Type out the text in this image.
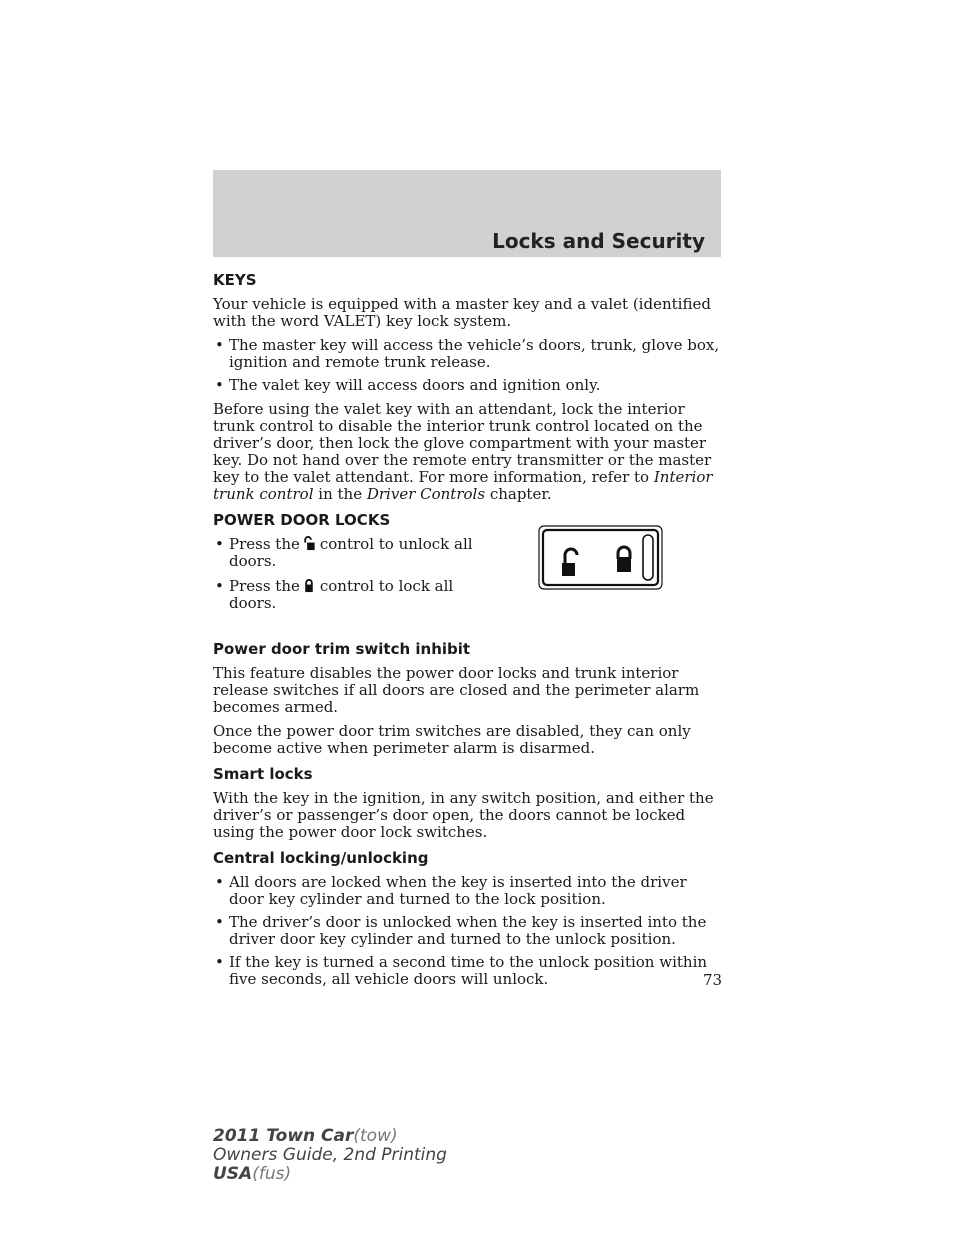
Locks and Security
KEYS

Your vehicle is equipped with a master key and a valet (identified with the word VALET) key lock system.

• The master key will access the vehicle’s doors, trunk, glove box, ignition and remote trunk release.
• The valet key will access doors and ignition only.

Before using the valet key with an attendant, lock the interior trunk control to disable the interior trunk control located on the driver’s door, then lock the glove compartment with your master key. Do not hand over the remote entry transmitter or the master key to the valet attendant. For more information, refer to Interior trunk control in the Driver Controls chapter.

POWER DOOR LOCKS
• Press the control to unlock all doors.
• Press the control to lock all doors.
Power door trim switch inhibit

This feature disables the power door locks and trunk interior release switches if all doors are closed and the perimeter alarm becomes armed.

Once the power door trim switches are disabled, they can only become active when perimeter alarm is disarmed.

Smart locks

With the key in the ignition, in any switch position, and either the driver’s or passenger’s door open, the doors cannot be locked using the power door lock switches.

Central locking/unlocking
• All doors are locked when the key is inserted into the driver door key cylinder and turned to the lock position.
• The driver’s door is unlocked when the key is inserted into the driver door key cylinder and turned to the unlock position.
• If the key is turned a second time to the unlock position within five seconds, all vehicle doors will unlock.	73
2011 Town Car(tow)
Owners Guide, 2nd Printing
USA(fus)
